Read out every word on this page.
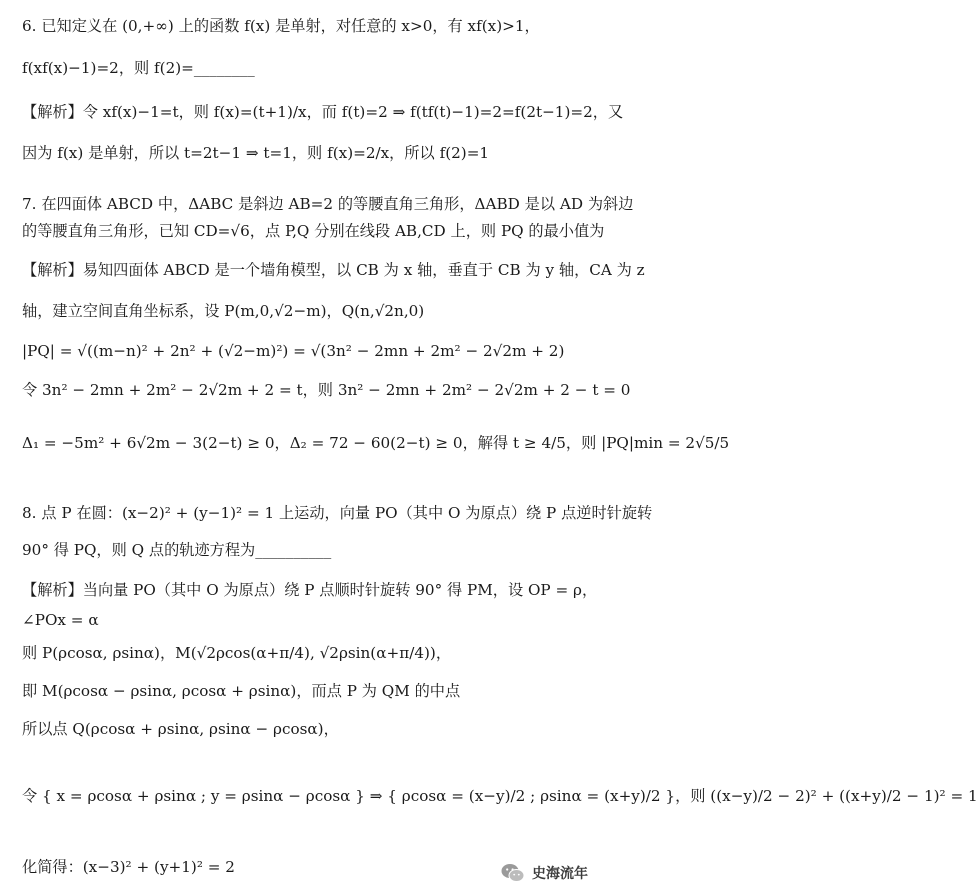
6. 已知定义在 (0,+∞) 上的函数 f(x) 是单射，对任意的 x>0，有 xf(x)>1，
f(xf(x)−1)=2，则 f(2)=________
【解析】令 xf(x)−1=t，则 f(x)=(t+1)/x，而 f(t)=2 ⇒ f(tf(t)−1)=2=f(2t−1)=2，又
因为 f(x) 是单射，所以 t=2t−1 ⇒ t=1，则 f(x)=2/x，所以 f(2)=1
7. 在四面体 ABCD 中，ΔABC 是斜边 AB=2 的等腰直角三角形，ΔABD 是以 AD 为斜边
的等腰直角三角形，已知 CD=√6，点 P,Q 分别在线段 AB,CD 上，则 PQ 的最小值为
【解析】易知四面体 ABCD 是一个墙角模型，以 CB 为 x 轴，垂直于 CB 为 y 轴，CA 为 z
轴，建立空间直角坐标系，设 P(m,0,√2−m)，Q(n,√2n,0)
|PQ| = √((m−n)² + 2n² + (√2−m)²) = √(3n² − 2mn + 2m² − 2√2m + 2)
令 3n² − 2mn + 2m² − 2√2m + 2 = t，则 3n² − 2mn + 2m² − 2√2m + 2 − t = 0
Δ₁ = −5m² + 6√2m − 3(2−t) ≥ 0，Δ₂ = 72 − 60(2−t) ≥ 0，解得 t ≥ 4/5，则 |PQ|min = 2√5/5
8. 点 P 在圆：(x−2)² + (y−1)² = 1 上运动，向量 PO（其中 O 为原点）绕 P 点逆时针旋转
90° 得 PQ，则 Q 点的轨迹方程为__________
【解析】当向量 PO（其中 O 为原点）绕 P 点顺时针旋转 90° 得 PM，设 OP = ρ，
∠POx = α
则 P(ρcosα, ρsinα)，M(√2ρcos(α+π/4), √2ρsin(α+π/4))，
即 M(ρcosα − ρsinα, ρcosα + ρsinα)，而点 P 为 QM 的中点
所以点 Q(ρcosα + ρsinα, ρsinα − ρcosα)，
令 { x = ρcosα + ρsinα ; y = ρsinα − ρcosα } ⇒ { ρcosα = (x−y)/2 ; ρsinα = (x+y)/2 }，则 ((x−y)/2 − 2)² + ((x+y)/2 − 1)² = 1
化简得：(x−3)² + (y+1)² = 2	史海流年
